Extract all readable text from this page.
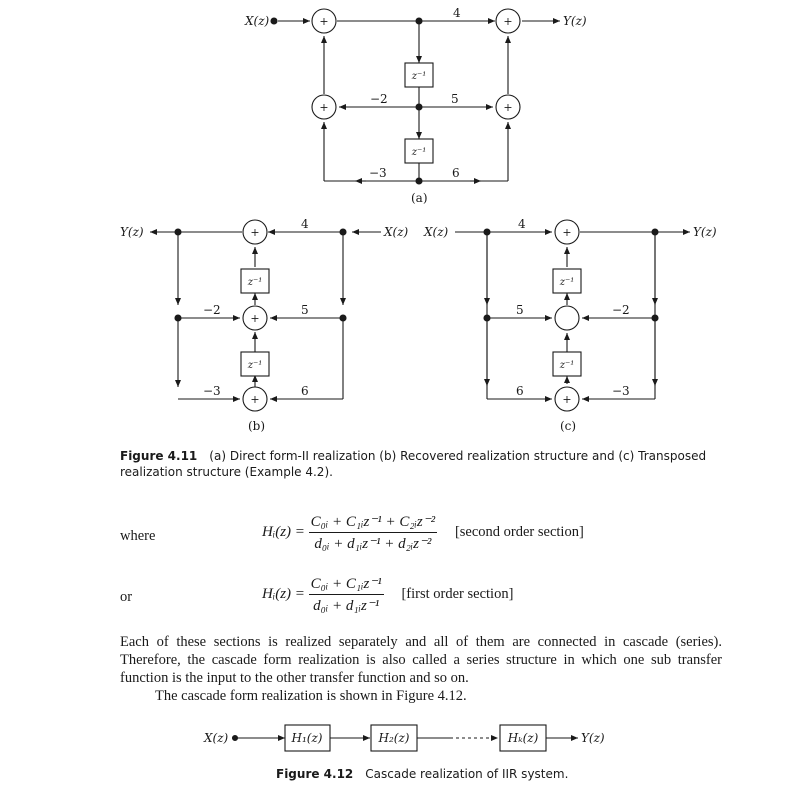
X(z)	Y(z)
4
−2	5
−3	6
(a)
z⁻¹
z⁻¹
+	+
+	+
Y(z)	X(z)
4
−2	5
−3	6
(b)
z⁻¹
z⁻¹
+
+
+
X(z)	Y(z)
4
5	−2
6	−3
(c)
z⁻¹
z⁻¹
+
+
X(z)	Y(z)
H₁(z)	H₂(z)	Hₖ(z)
Figure 4.11 (a) Direct form-II realization (b) Recovered realization structure and (c) Transposed realization structure (Example 4.2).
where	Hᵢ(z) = $\frac{\text{C₀ᵢ + C₁ᵢz⁻¹ + C₂ᵢz⁻²}}{\text{d₀ᵢ + d₁ᵢz⁻¹ + d₂ᵢz⁻²}}$ [second order section]
or	Hᵢ(z) = $\frac{\text{C₀ᵢ + C₁ᵢz⁻¹}}{\text{d₀ᵢ + d₁ᵢz⁻¹}}$ [first order section]
Each of these sections is realized separately and all of them are connected in cascade (series). Therefore, the cascade form realization is also called a series structure in which one sub transfer function is the input to the other transfer function and so on.
The cascade form realization is shown in Figure 4.12.
Figure 4.12 Cascade realization of IIR system.
